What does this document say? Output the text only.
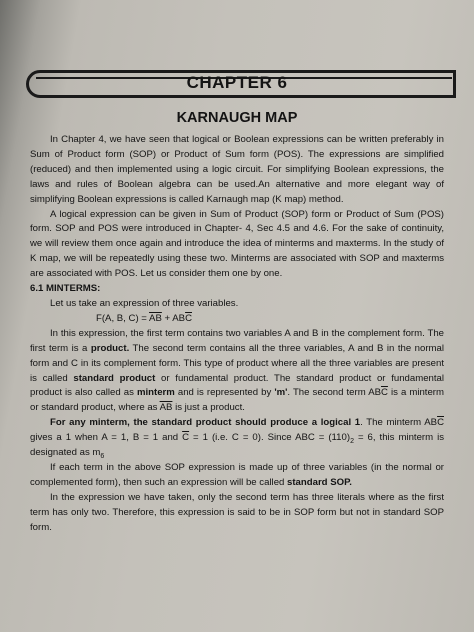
CHAPTER 6
KARNAUGH MAP

In Chapter 4, we have seen that logical or Boolean expressions can be written preferably in Sum of Product form (SOP) or Product of Sum form (POS). The expressions are simplified (reduced) and then implemented using a logic circuit. For simplifying Boolean expressions, the laws and rules of Boolean algebra can be used.An alternative and more elegant way of simplifying Boolean expressions is called Karnaugh map (K map) method.

A logical expression can be given in Sum of Product (SOP) form or Product of Sum (POS) form. SOP and POS were introduced in Chapter- 4, Sec 4.5 and 4.6. For the sake of continuity, we will review them once again and introduce the idea of minterms and maxterms. In the study of K map, we will be repeatedly using these two. Minterms are associated with SOP and maxterms are associated with POS. Let us consider them one by one.

6.1 MINTERMS:

Let us take an expression of three variables.

F(A, B, $C) = \overline{AB} + AB\overline{C}$

In this expression, the first term contains two variables A and B in the complement form. The first term is a product. The second term contains all the three variables, A and B in the normal form and C in its complement form. This type of product where all the three variables are present is called standard product or fundamental product. The standard product or fundamental product is also called as minterm and is represented by 'm'. The second term $AB\overline{C}$ is a minterm or standard product, where as $\overline{AB}$ is just a product.

For any minterm, the standard product should produce a logical 1. The minterm $AB\overline{C}$ gives a 1 when A = 1, B = 1 and $\overline{C} = 1$ (i.e. C = 0). Since ABC = $(110)_2 = 6$, this minterm is designated as $m_6$

If each term in the above SOP expression is made up of three variables (in the normal or complemented form), then such an expression will be called standard SOP.

In the expression we have taken, only the second term has three literals where as the first term has only two. Therefore, this expression is said to be in SOP form but not in standard SOP form.
